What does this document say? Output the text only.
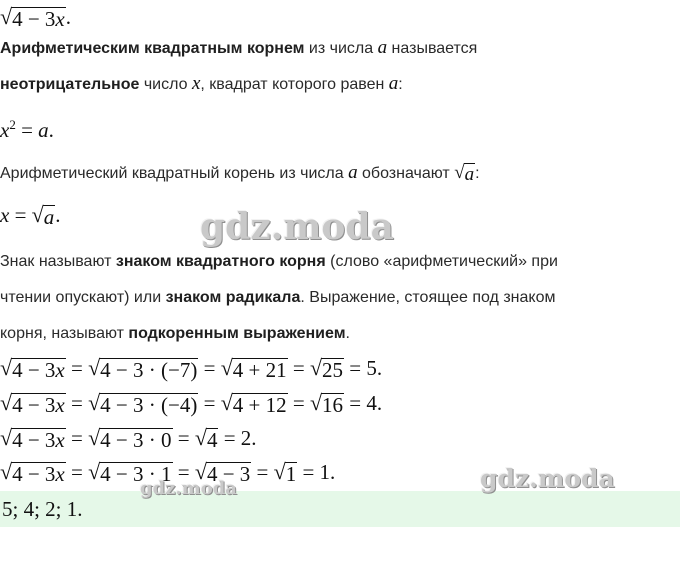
√ 4 − 3x .
Арифметическим квадратным корнем из числа a называется
неотрицательное число x, квадрат которого равен a:
$x^2 = a$.
Арифметический квадратный корень из числа a обозначают √ a :
x = √ a .	gdz.moda
Знак называют знаком квадратного корня (слово «арифметический» при
чтении опускают) или знаком радикала. Выражение, стоящее под знаком
корня, называют подкоренным выражением.
√ 4 − 3x = √ 4 − 3 · (−7) = √ 4 + 21 = √ 25 = 5.
√ 4 − 3x = √ 4 − 3 · (−4) = √ 4 + 12 = √ 16 = 4.
√ 4 − 3x = √ 4 − 3 · 0 = √ 4 = 2.
√ 4 − 3x = √ 4 − 3 · 1 = √ 4 − 3 = √ 1 = 1.
5; 4; 2; 1.
gdz.moda	gdz.moda
